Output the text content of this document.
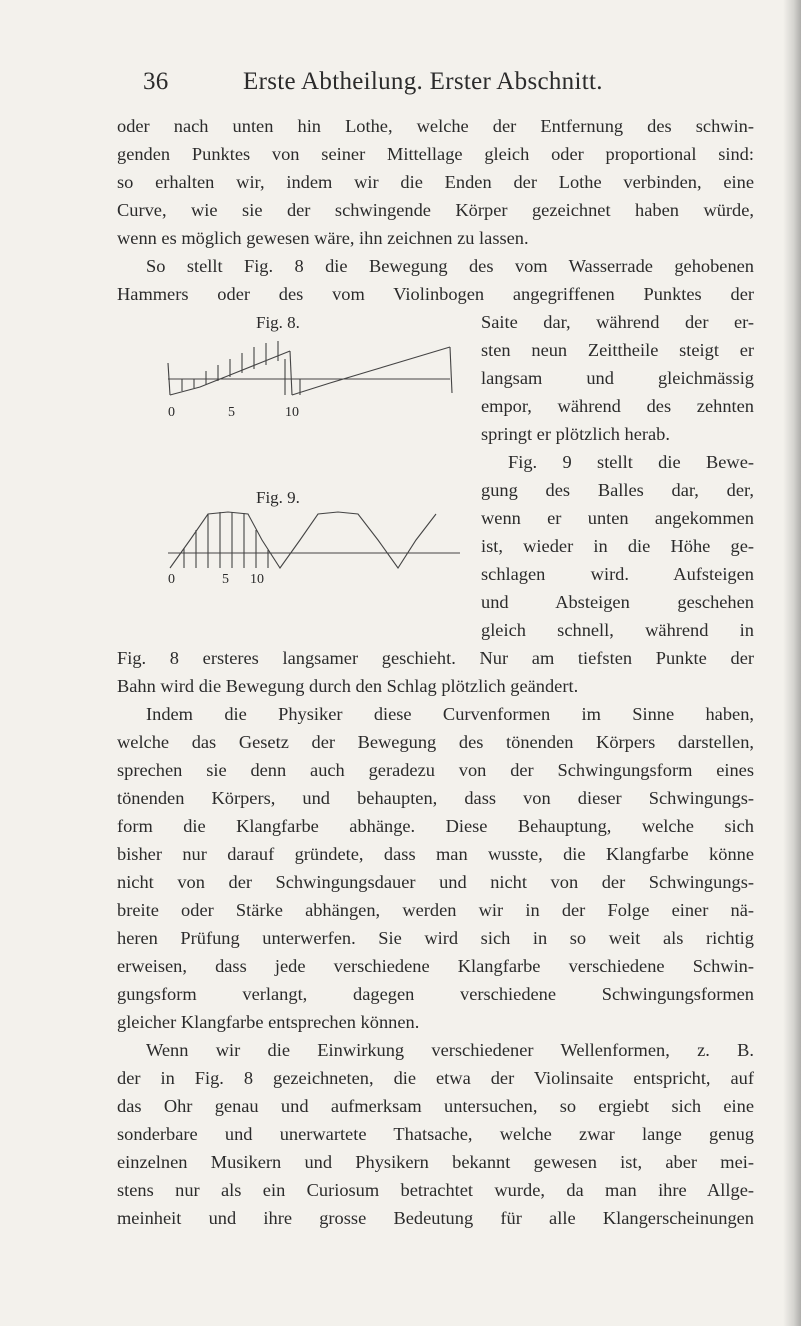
36	Erste Abtheilung. Erster Abschnitt.
oder nach unten hin Lothe, welche der Entfernung des schwin-
genden Punktes von seiner Mittellage gleich oder proportional sind:
so erhalten wir, indem wir die Enden der Lothe verbinden, eine
Curve, wie sie der schwingende Körper gezeichnet haben würde,
wenn es möglich gewesen wäre, ihn zeichnen zu lassen.
So stellt Fig. 8 die Bewegung des vom Wasserrade gehobenen
Hammers oder des vom Violinbogen angegriffenen Punktes der
Fig. 8.
0	5	10
Fig. 9.
0	5 10
Saite dar, während der er-
sten neun Zeittheile steigt er
langsam und gleichmässig
empor, während des zehnten
springt er plötzlich herab.
Fig. 9 stellt die Bewe-
gung des Balles dar, der,
wenn er unten angekommen
ist, wieder in die Höhe ge-
schlagen wird. Aufsteigen
und Absteigen geschehen
gleich schnell, während in
Fig. 8 ersteres langsamer geschieht. Nur am tiefsten Punkte der
Bahn wird die Bewegung durch den Schlag plötzlich geändert.
Indem die Physiker diese Curvenformen im Sinne haben,
welche das Gesetz der Bewegung des tönenden Körpers darstellen,
sprechen sie denn auch geradezu von der Schwingungsform eines
tönenden Körpers, und behaupten, dass von dieser Schwingungs-
form die Klangfarbe abhänge. Diese Behauptung, welche sich
bisher nur darauf gründete, dass man wusste, die Klangfarbe könne
nicht von der Schwingungsdauer und nicht von der Schwingungs-
breite oder Stärke abhängen, werden wir in der Folge einer nä-
heren Prüfung unterwerfen. Sie wird sich in so weit als richtig
erweisen, dass jede verschiedene Klangfarbe verschiedene Schwin-
gungsform verlangt, dagegen verschiedene Schwingungsformen
gleicher Klangfarbe entsprechen können.
Wenn wir die Einwirkung verschiedener Wellenformen, z. B.
der in Fig. 8 gezeichneten, die etwa der Violinsaite entspricht, auf
das Ohr genau und aufmerksam untersuchen, so ergiebt sich eine
sonderbare und unerwartete Thatsache, welche zwar lange genug
einzelnen Musikern und Physikern bekannt gewesen ist, aber mei-
stens nur als ein Curiosum betrachtet wurde, da man ihre Allge-
meinheit und ihre grosse Bedeutung für alle Klangerscheinungen
